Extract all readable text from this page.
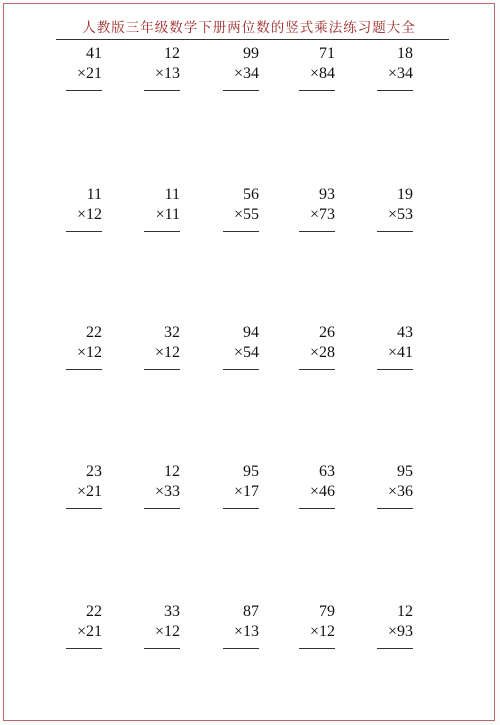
人教版三年级数学下册两位数的竖式乘法练习题大全
41
×21
12
×13
99
×34
71
×84
18
×34
11
×12
11
×11
56
×55
93
×73
19
×53
22
×12
32
×12
94
×54
26
×28
43
×41
23
×21
12
×33
95
×17
63
×46
95
×36
22
×21
33
×12
87
×13
79
×12
12
×93
